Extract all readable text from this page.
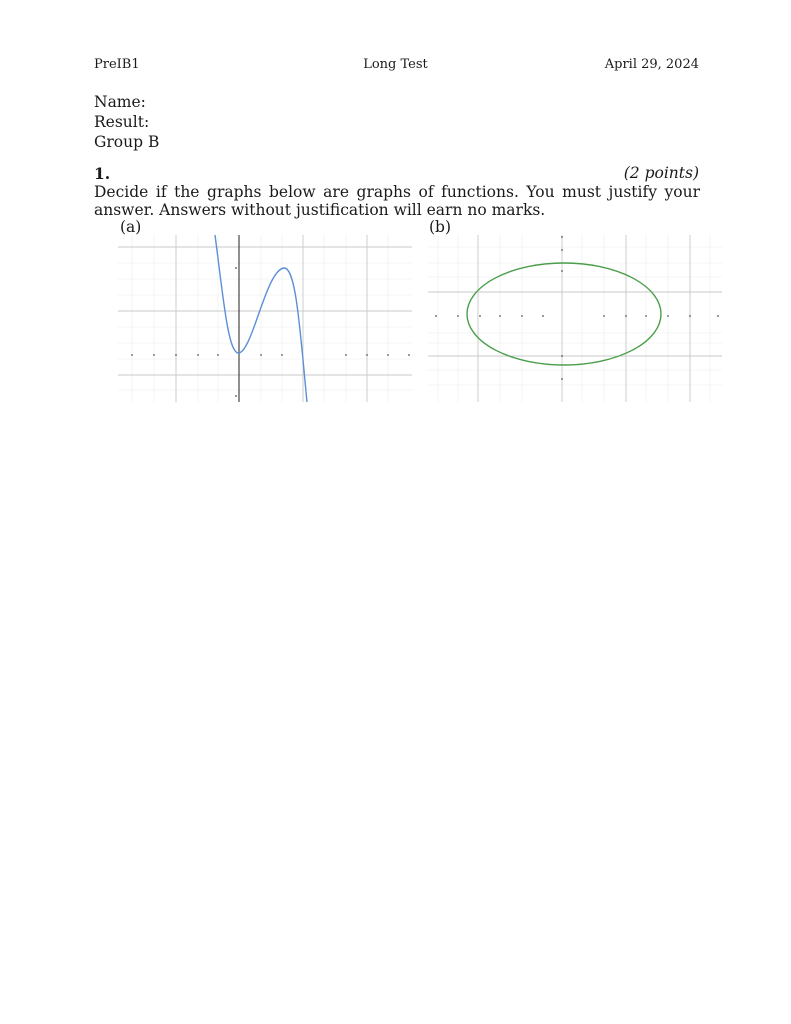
PreIB1	Long Test	April 29, 2024
Name:
Result:
Group B
1.	(2 points)
Decide if the graphs below are graphs of functions. You must justify your answer. Answers without justification will earn no marks.
(a)	(b)
